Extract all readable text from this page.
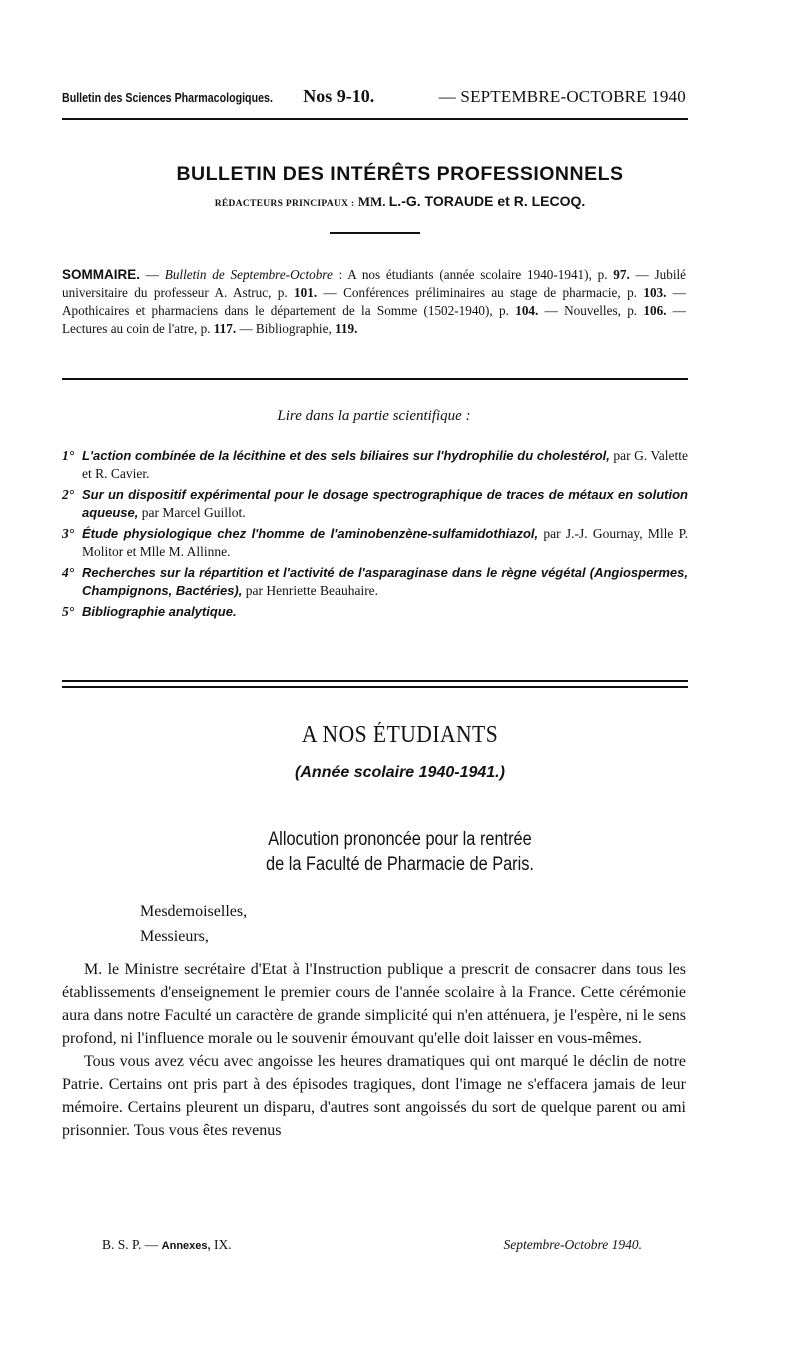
Bulletin des Sciences Pharmacologiques. Nos 9-10.	— SEPTEMBRE-OCTOBRE 1940
BULLETIN DES INTÉRÊTS PROFESSIONNELS
RÉDACTEURS PRINCIPAUX : MM. L.-G. TORAUDE et R. LECOQ.
SOMMAIRE. — Bulletin de Septembre-Octobre : A nos étudiants (année scolaire 1940-1941), p. 97. — Jubilé universitaire du professeur A. Astruc, p. 101. — Conférences préliminaires au stage de pharmacie, p. 103. — Apothicaires et pharmaciens dans le département de la Somme (1502-1940), p. 104. — Nouvelles, p. 106. — Lectures au coin de l'atre, p. 117. — Bibliographie, 119.
Lire dans la partie scientifique :
1° L'action combinée de la lécithine et des sels biliaires sur l'hydrophilie du cholestérol, par G. Valette et R. Cavier.
2° Sur un dispositif expérimental pour le dosage spectrographique de traces de métaux en solution aqueuse, par Marcel Guillot.
3° Étude physiologique chez l'homme de l'aminobenzène-sulfamidothiazol, par J.-J. Gournay, Mlle P. Molitor et Mlle M. Allinne.
4° Recherches sur la répartition et l'activité de l'asparaginase dans le règne végétal (Angiospermes, Champignons, Bactéries), par Henriette Beauhaire.
5° Bibliographie analytique.
A NOS ÉTUDIANTS
(Année scolaire 1940-1941.)
Allocution prononcée pour la rentrée
de la Faculté de Pharmacie de Paris.
Mesdemoiselles,
Messieurs,

M. le Ministre secrétaire d'Etat à l'Instruction publique a prescrit de consacrer dans tous les établissements d'enseignement le premier cours de l'année scolaire à la France. Cette cérémonie aura dans notre Faculté un caractère de grande simplicité qui n'en atténuera, je l'espère, ni le sens profond, ni l'influence morale ou le souvenir émouvant qu'elle doit laisser en vous-mêmes.

Tous vous avez vécu avec angoisse les heures dramatiques qui ont marqué le déclin de notre Patrie. Certains ont pris part à des épisodes tragiques, dont l'image ne s'effacera jamais de leur mémoire. Certains pleurent un disparu, d'autres sont angoissés du sort de quelque parent ou ami prisonnier. Tous vous êtes revenus

B. S. P. — Annexes, IX.	Septembre-Octobre 1940.
